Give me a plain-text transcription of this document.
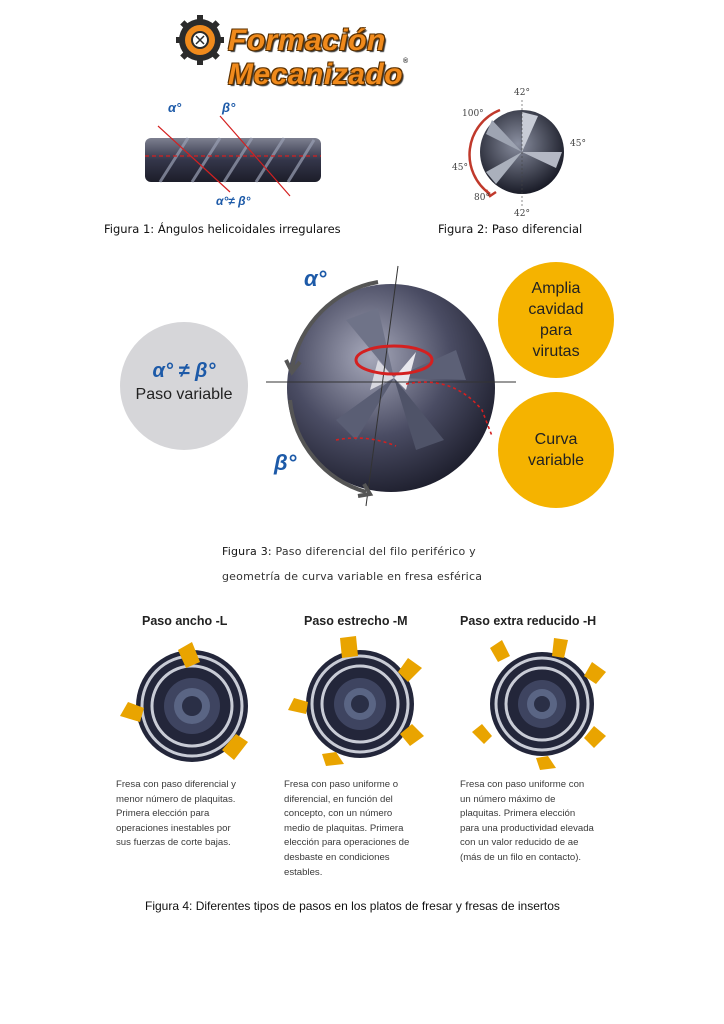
Formación Mecanizado®
α°	β°
α°≠ β°
Figura 1: Ángulos helicoidales irregulares
42°
100°
45°
45°
80°
42°
Figura 2: Paso diferencial
α° ≠ β°
Paso variable
α°
β°
Amplia
cavidad
para
virutas
Curva
variable
Figura 3: Paso diferencial del filo periférico y
geometría de curva variable en fresa esférica
Paso ancho -L	Paso estrecho -M	Paso extra reducido -H
Fresa con paso diferencial y
menor número de plaquitas.
Primera elección para
operaciones inestables por
sus fuerzas de corte bajas.
Fresa con paso uniforme o
diferencial, en función del
concepto, con un número
medio de plaquitas. Primera
elección para operaciones de
desbaste en condiciones
estables.
Fresa con paso uniforme con
un número máximo de
plaquitas. Primera elección
para una productividad elevada
con un valor reducido de ae
(más de un filo en contacto).
Figura 4: Diferentes tipos de pasos en los platos de fresar y fresas de insertos
